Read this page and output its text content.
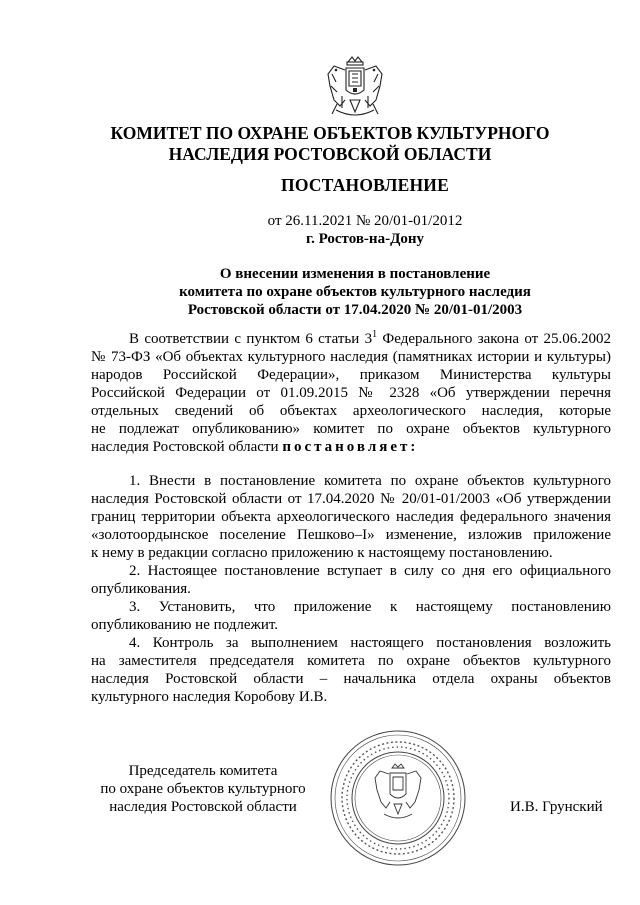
КОМИТЕТ ПО ОХРАНЕ ОБЪЕКТОВ КУЛЬТУРНОГО
НАСЛЕДИЯ РОСТОВСКОЙ ОБЛАСТИ
ПОСТАНОВЛЕНИЕ
от 26.11.2021 № 20/01-01/2012
г. Ростов-на-Дону
О внесении изменения в постановление
комитета по охране объектов культурного наследия
Ростовской области от 17.04.2020 № 20/01-01/2003
В соответствии с пунктом 6 статьи $3^1$ Федерального закона от 25.06.2002
№ 73-ФЗ «Об объектах культурного наследия (памятниках истории и культуры)
народов Российской Федерации», приказом Министерства культуры
Российской Федерации от 01.09.2015 № 2328 «Об утверждении перечня
отдельных сведений об объектах археологического наследия, которые
не подлежат опубликованию» комитет по охране объектов культурного
наследия Ростовской области постановляет:
1. Внести в постановление комитета по охране объектов культурного
наследия Ростовской области от 17.04.2020 № 20/01-01/2003 «Об утверждении
границ территории объекта археологического наследия федерального значения
«золотоордынское поселение Пешково–I» изменение, изложив приложение
к нему в редакции согласно приложению к настоящему постановлению.
2. Настоящее постановление вступает в силу со дня его официального
опубликования.
3. Установить, что приложение к настоящему постановлению
опубликованию не подлежит.
4. Контроль за выполнением настоящего постановления возложить
на заместителя председателя комитета по охране объектов культурного
наследия Ростовской области – начальника отдела охраны объектов
культурного наследия Коробову И.В.
Председатель комитета
по охране объектов культурного
наследия Ростовской области	И.В. Грунский
